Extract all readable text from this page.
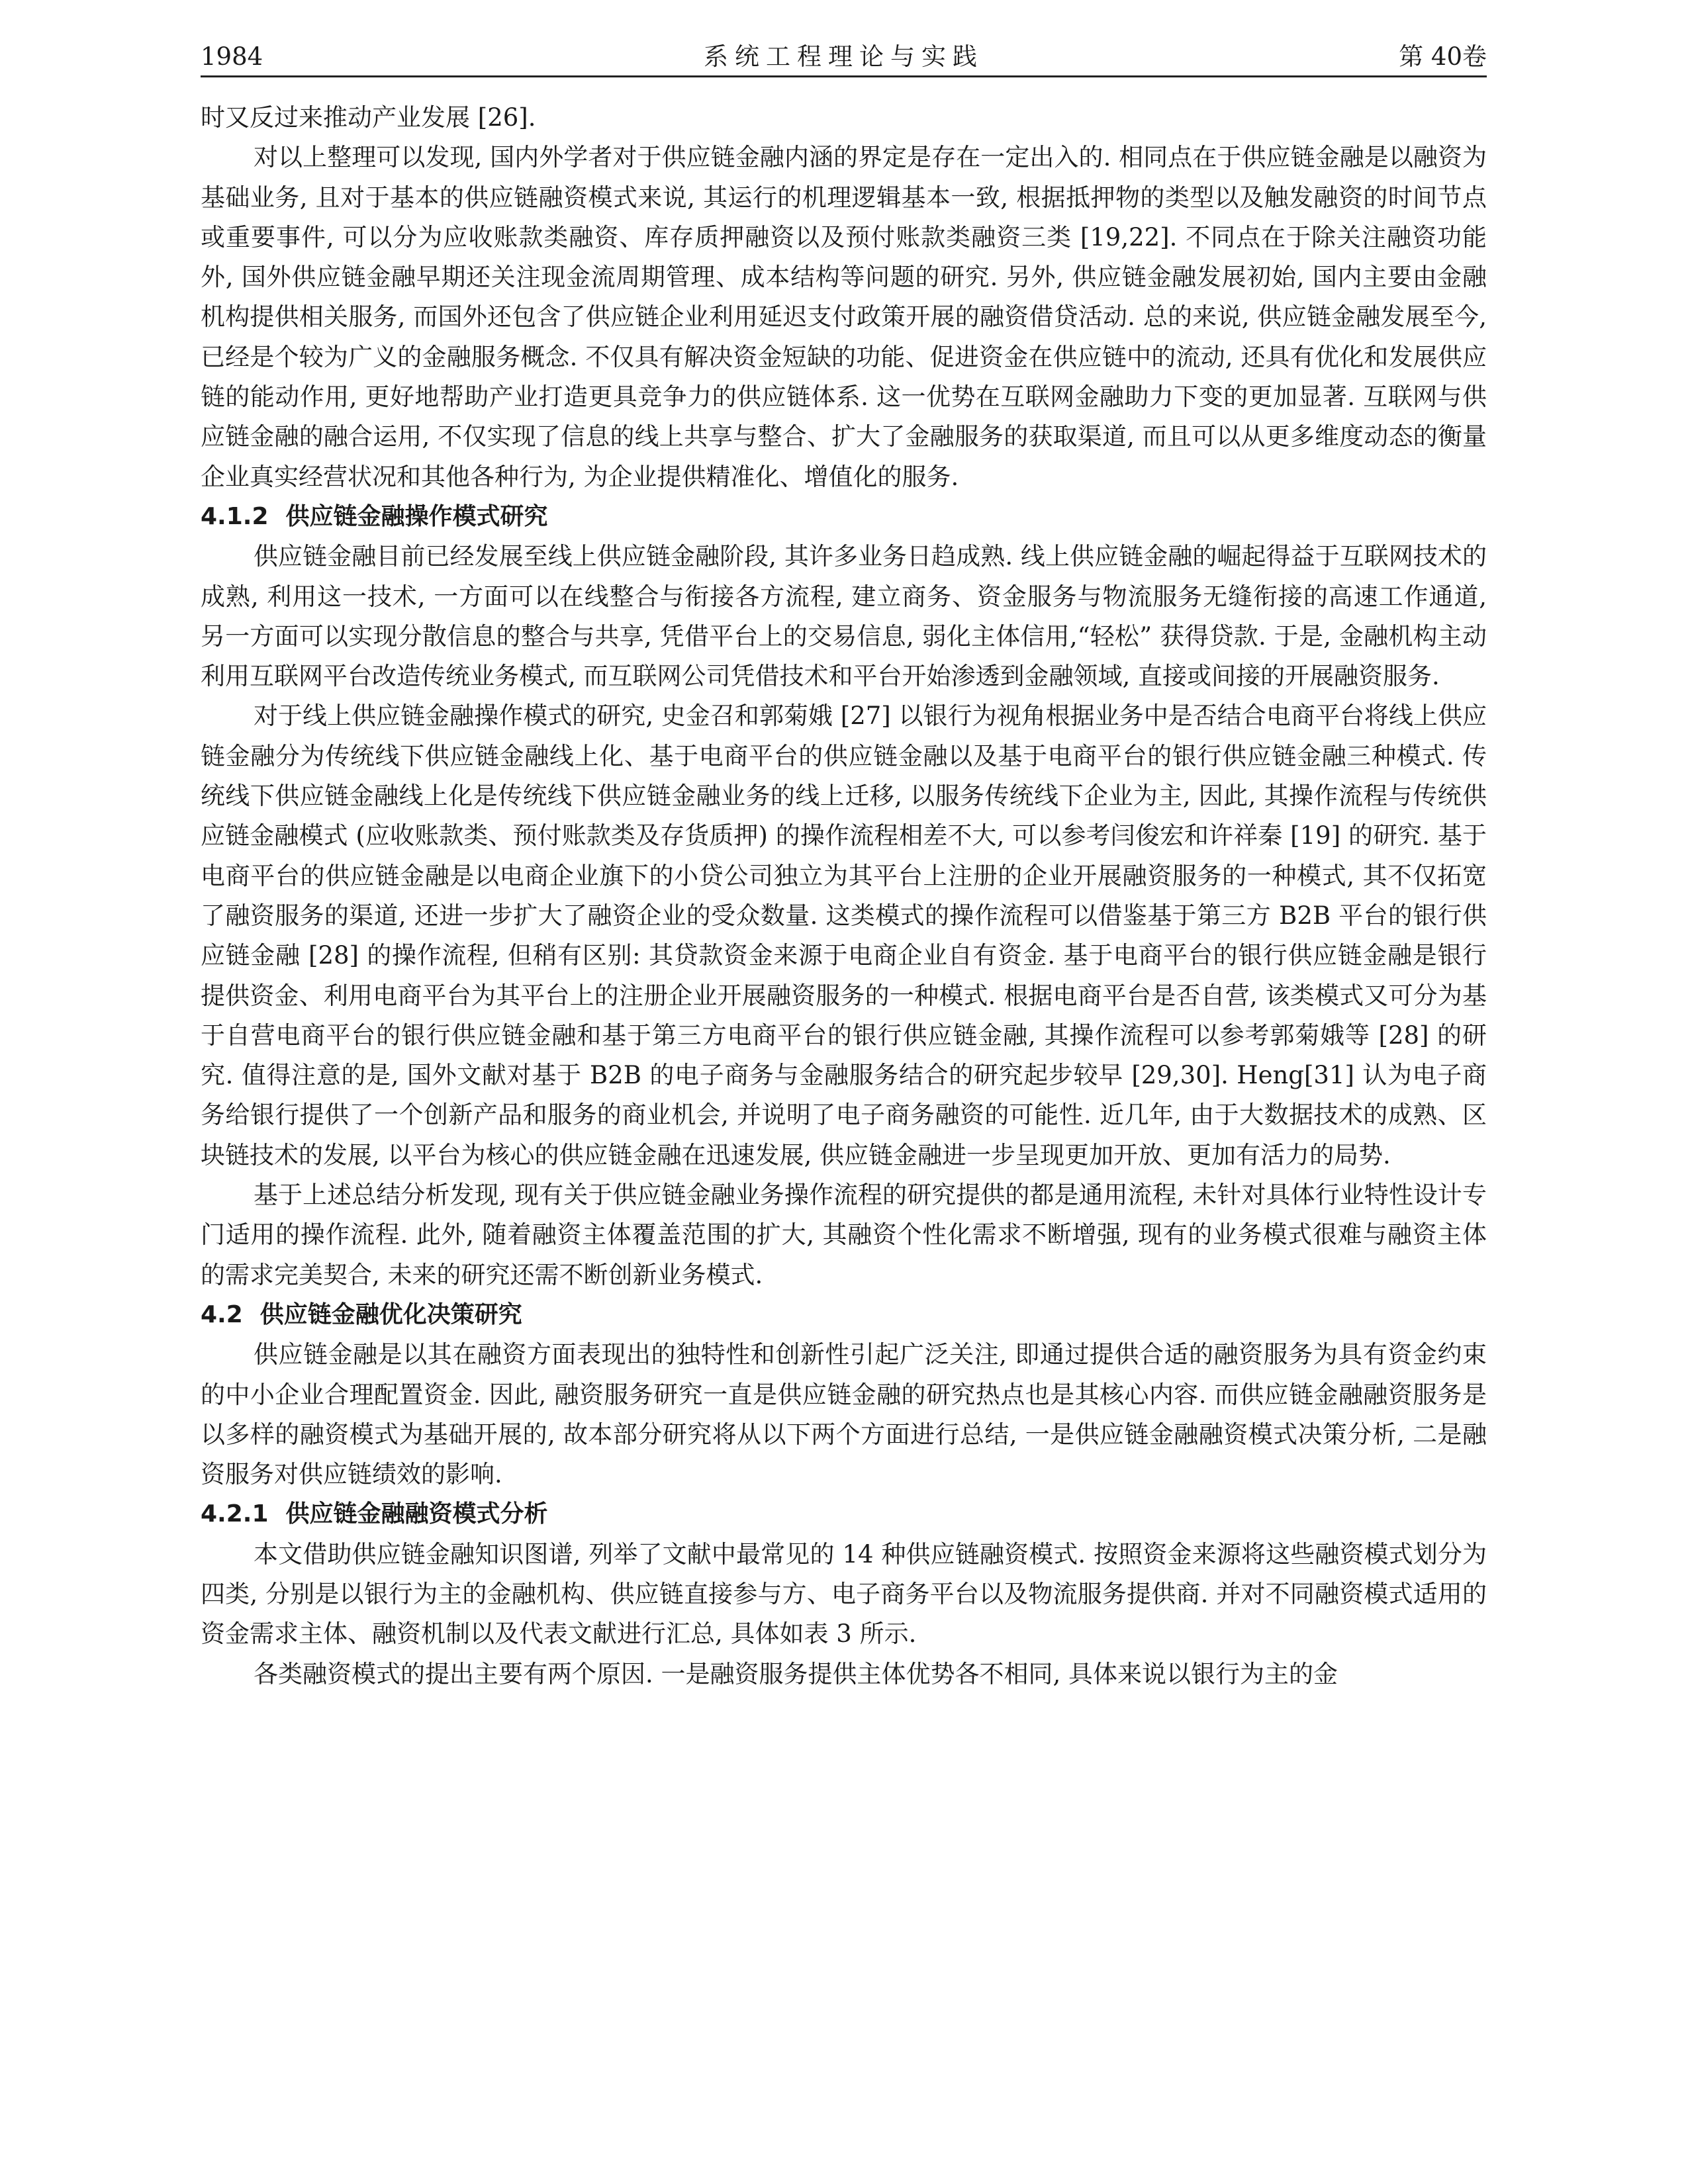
1984	系统工程理论与实践	第 40卷

时又反过来推动产业发展 [26].

对以上整理可以发现, 国内外学者对于供应链金融内涵的界定是存在一定出入的. 相同点在于供应链金融是以融资为基础业务, 且对于基本的供应链融资模式来说, 其运行的机理逻辑基本一致, 根据抵押物的类型以及触发融资的时间节点或重要事件, 可以分为应收账款类融资、库存质押融资以及预付账款类融资三类 [19,22]. 不同点在于除关注融资功能外, 国外供应链金融早期还关注现金流周期管理、成本结构等问题的研究. 另外, 供应链金融发展初始, 国内主要由金融机构提供相关服务, 而国外还包含了供应链企业利用延迟支付政策开展的融资借贷活动. 总的来说, 供应链金融发展至今, 已经是个较为广义的金融服务概念. 不仅具有解决资金短缺的功能、促进资金在供应链中的流动, 还具有优化和发展供应链的能动作用, 更好地帮助产业打造更具竞争力的供应链体系. 这一优势在互联网金融助力下变的更加显著. 互联网与供应链金融的融合运用, 不仅实现了信息的线上共享与整合、扩大了金融服务的获取渠道, 而且可以从更多维度动态的衡量企业真实经营状况和其他各种行为, 为企业提供精准化、增值化的服务.

4.1.2 供应链金融操作模式研究

供应链金融目前已经发展至线上供应链金融阶段, 其许多业务日趋成熟. 线上供应链金融的崛起得益于互联网技术的成熟, 利用这一技术, 一方面可以在线整合与衔接各方流程, 建立商务、资金服务与物流服务无缝衔接的高速工作通道, 另一方面可以实现分散信息的整合与共享, 凭借平台上的交易信息, 弱化主体信用,“轻松” 获得贷款. 于是, 金融机构主动利用互联网平台改造传统业务模式, 而互联网公司凭借技术和平台开始渗透到金融领域, 直接或间接的开展融资服务.

对于线上供应链金融操作模式的研究, 史金召和郭菊娥 [27] 以银行为视角根据业务中是否结合电商平台将线上供应链金融分为传统线下供应链金融线上化、基于电商平台的供应链金融以及基于电商平台的银行供应链金融三种模式. 传统线下供应链金融线上化是传统线下供应链金融业务的线上迁移, 以服务传统线下企业为主, 因此, 其操作流程与传统供应链金融模式 (应收账款类、预付账款类及存货质押) 的操作流程相差不大, 可以参考闫俊宏和许祥秦 [19] 的研究. 基于电商平台的供应链金融是以电商企业旗下的小贷公司独立为其平台上注册的企业开展融资服务的一种模式, 其不仅拓宽了融资服务的渠道, 还进一步扩大了融资企业的受众数量. 这类模式的操作流程可以借鉴基于第三方 B2B 平台的银行供应链金融 [28] 的操作流程, 但稍有区别: 其贷款资金来源于电商企业自有资金. 基于电商平台的银行供应链金融是银行提供资金、利用电商平台为其平台上的注册企业开展融资服务的一种模式. 根据电商平台是否自营, 该类模式又可分为基于自营电商平台的银行供应链金融和基于第三方电商平台的银行供应链金融, 其操作流程可以参考郭菊娥等 [28] 的研究. 值得注意的是, 国外文献对基于 B2B 的电子商务与金融服务结合的研究起步较早 [29,30]. Heng[31] 认为电子商务给银行提供了一个创新产品和服务的商业机会, 并说明了电子商务融资的可能性. 近几年, 由于大数据技术的成熟、区块链技术的发展, 以平台为核心的供应链金融在迅速发展, 供应链金融进一步呈现更加开放、更加有活力的局势.

基于上述总结分析发现, 现有关于供应链金融业务操作流程的研究提供的都是通用流程, 未针对具体行业特性设计专门适用的操作流程. 此外, 随着融资主体覆盖范围的扩大, 其融资个性化需求不断增强, 现有的业务模式很难与融资主体的需求完美契合, 未来的研究还需不断创新业务模式.

4.2 供应链金融优化决策研究

供应链金融是以其在融资方面表现出的独特性和创新性引起广泛关注, 即通过提供合适的融资服务为具有资金约束的中小企业合理配置资金. 因此, 融资服务研究一直是供应链金融的研究热点也是其核心内容. 而供应链金融融资服务是以多样的融资模式为基础开展的, 故本部分研究将从以下两个方面进行总结, 一是供应链金融融资模式决策分析, 二是融资服务对供应链绩效的影响.

4.2.1 供应链金融融资模式分析

本文借助供应链金融知识图谱, 列举了文献中最常见的 14 种供应链融资模式. 按照资金来源将这些融资模式划分为四类, 分别是以银行为主的金融机构、供应链直接参与方、电子商务平台以及物流服务提供商. 并对不同融资模式适用的资金需求主体、融资机制以及代表文献进行汇总, 具体如表 3 所示.

各类融资模式的提出主要有两个原因. 一是融资服务提供主体优势各不相同, 具体来说以银行为主的金
